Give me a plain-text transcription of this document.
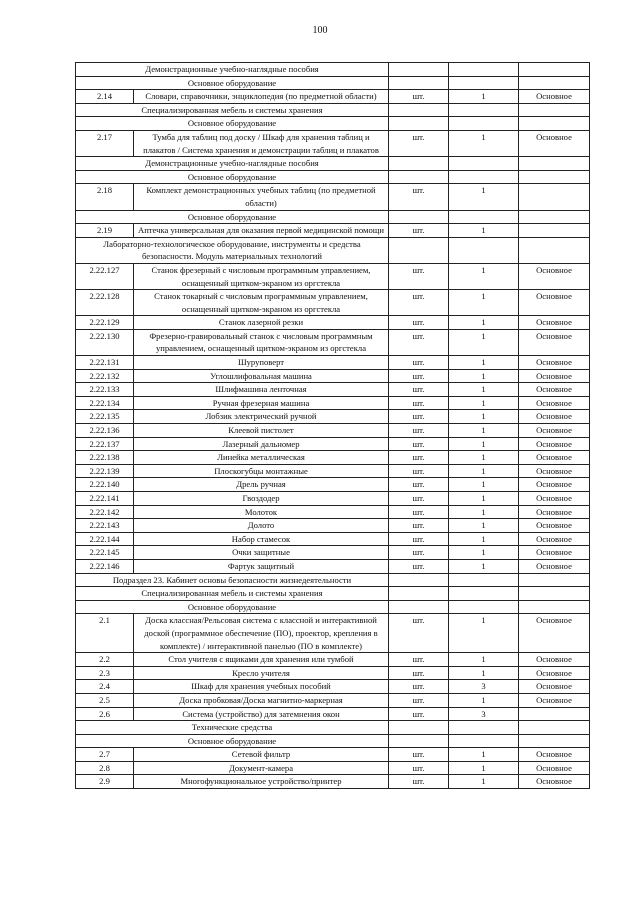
100
Демонстрационные учебно-наглядные пособия				
Основное оборудование				
2.14	Словари, справочники, энциклопедия (по предметной области)	шт.	1	Основное
Специализированная мебель и системы хранения				
Основное оборудование				
2.17	Тумба для таблиц под доску / Шкаф для хранения таблиц и плакатов / Система хранения и демонстрации таблиц и плакатов	шт.	1	Основное
Демонстрационные учебно-наглядные пособия				
Основное оборудование				
2.18	Комплект демонстрационных учебных таблиц (по предметной области)	шт.	1	
Основное оборудование				
2.19	Аптечка универсальная для оказания первой медицинской помощи	шт.	1	
Лабораторно-технологическое оборудование, инструменты и средства безопасности. Модуль материальных технологий				
2.22.127	Станок фрезерный с числовым программным управлением, оснащенный щитком-экраном из оргстекла	шт.	1	Основное
2.22.128	Станок токарный с числовым программным управлением, оснащенный щитком-экраном из оргстекла	шт.	1	Основное
2.22.129	Станок лазерной резки	шт.	1	Основное
2.22.130	Фрезерно-гравировальный станок с числовым программным управлением, оснащенный щитком-экраном из оргстекла	шт.	1	Основное
2.22.131	Шуруповерт	шт.	1	Основное
2.22.132	Углошлифовальная машина	шт.	1	Основное
2.22.133	Шлифмашина ленточная	шт.	1	Основное
2.22.134	Ручная фрезерная машина	шт.	1	Основное
2.22.135	Лобзик электрический ручной	шт.	1	Основное
2.22.136	Клеевой пистолет	шт.	1	Основное
2.22.137	Лазерный дальномер	шт.	1	Основное
2.22.138	Линейка металлическая	шт.	1	Основное
2.22.139	Плоскогубцы монтажные	шт.	1	Основное
2.22.140	Дрель ручная	шт.	1	Основное
2.22.141	Гвоздодер	шт.	1	Основное
2.22.142	Молоток	шт.	1	Основное
2.22.143	Долото	шт.	1	Основное
2.22.144	Набор стамесок	шт.	1	Основное
2.22.145	Очки защитные	шт.	1	Основное
2.22.146	Фартук защитный	шт.	1	Основное
Подраздел 23. Кабинет основы безопасности жизнедеятельности				
Специализированная мебель и системы хранения				
Основное оборудование				
2.1	Доска классная/Рельсовая система с классной и интерактивной доской (программное обеспечение (ПО), проектор, крепления в комплекте) / интерактивной панелью (ПО в комплекте)	шт.	1	Основное
2.2	Стол учителя с ящиками для хранения или тумбой	шт.	1	Основное
2.3	Кресло учителя	шт.	1	Основное
2.4	Шкаф для хранения учебных пособий	шт.	3	Основное
2.5	Доска пробковая/Доска магнитно-маркерная	шт.	1	Основное
2.6	Система (устройство) для затемнения окон	шт.	3	
Технические средства				
Основное оборудование				
2.7	Сетевой фильтр	шт.	1	Основное
2.8	Документ-камера	шт.	1	Основное
2.9	Многофункциональное устройство/принтер	шт.	1	Основное
